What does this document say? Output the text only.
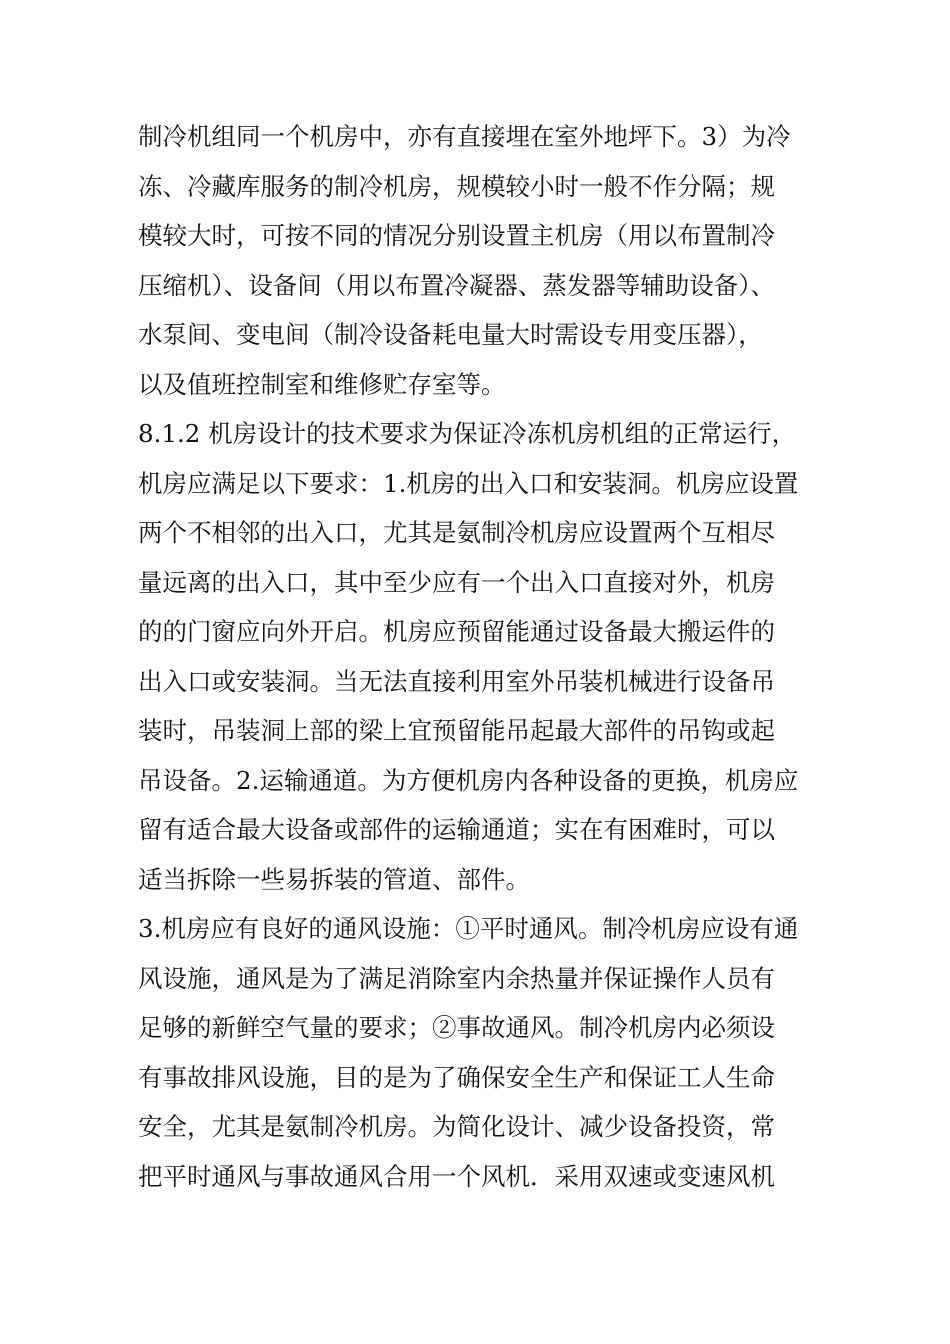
制冷机组同一个机房中，亦有直接埋在室外地坪下。3）为冷
冻、冷藏库服务的制冷机房，规模较小时一般不作分隔；规
模较大时，可按不同的情况分别设置主机房（用以布置制冷
压缩机）、设备间（用以布置冷凝器、蒸发器等辅助设备）、
水泵间、变电间（制冷设备耗电量大时需设专用变压器），
以及值班控制室和维修贮存室等。
8.1.2 机房设计的技术要求为保证冷冻机房机组的正常运行，
机房应满足以下要求：1.机房的出入口和安装洞。机房应设置
两个不相邻的出入口，尤其是氨制冷机房应设置两个互相尽
量远离的出入口，其中至少应有一个出入口直接对外，机房
的的门窗应向外开启。机房应预留能通过设备最大搬运件的
出入口或安装洞。当无法直接利用室外吊装机械进行设备吊
装时，吊装洞上部的梁上宜预留能吊起最大部件的吊钩或起
吊设备。2.运输通道。为方便机房内各种设备的更换，机房应
留有适合最大设备或部件的运输通道；实在有困难时，可以
适当拆除一些易拆装的管道、部件。
3.机房应有良好的通风设施：①平时通风。制冷机房应设有通
风设施，通风是为了满足消除室内余热量并保证操作人员有
足够的新鲜空气量的要求；②事故通风。制冷机房内必须设
有事故排风设施，目的是为了确保安全生产和保证工人生命
安全，尤其是氨制冷机房。为简化设计、减少设备投资，常
把平时通风与事故通风合用一个风机．采用双速或变速风机
